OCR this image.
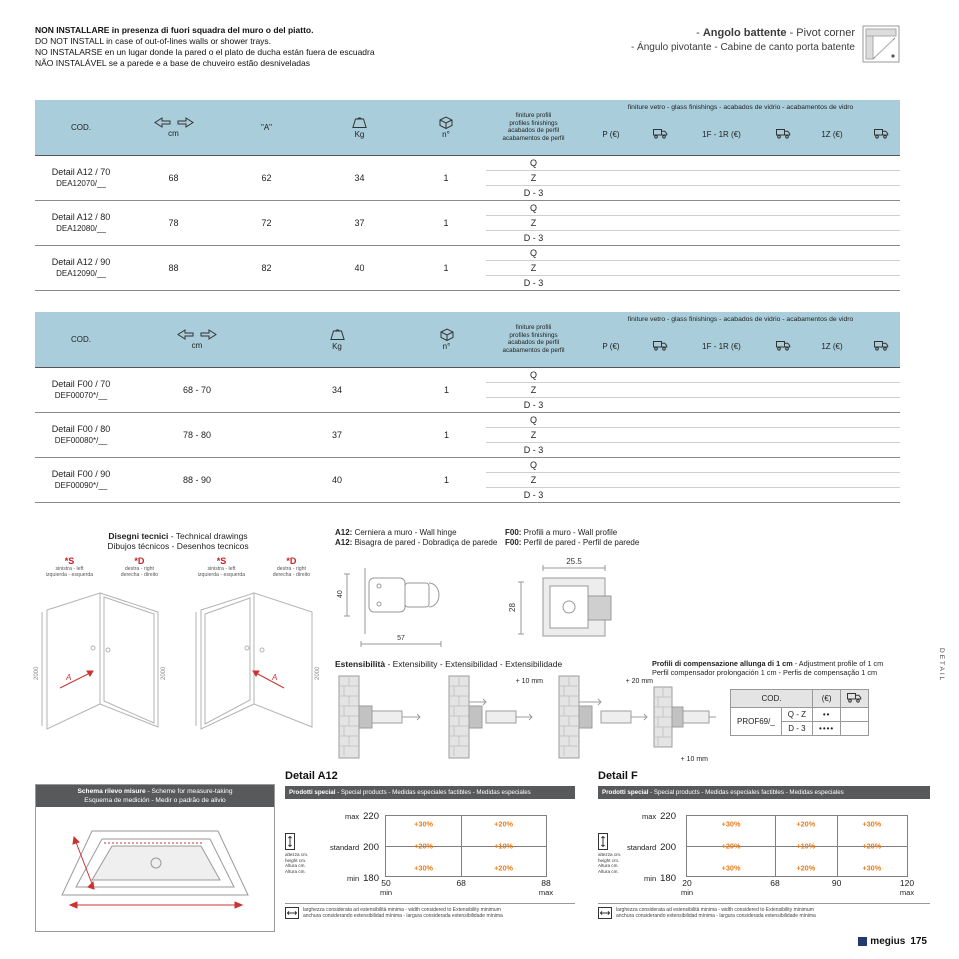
NON INSTALLARE in presenza di fuori squadra del muro o del piatto.
DO NOT INSTALL in case of out-of-lines walls or shower trays.
NO INSTALARSE en un lugar donde la pared o el plato de ducha están fuera de escuadra
NÃO INSTALÁVEL se a parede e a base de chuveiro estão desniveladas
- Angolo battente - Pivot corner
- Ángulo pivotante - Cabine de canto porta batente
COD.	cm	"A"	Kg	n°	finiture profili
profiles finishings
acabados de perfil
acabamentos de perfil	finiture vetro - glass finishings - acabados de vidrio - acabamentos de vidro					
						P (€)		1F - 1R (€)		1Z (€)	

Detail A12 / 70
DEA12070/__	68	62	34	1	Q						
					Z						
					D - 3						

Detail A12 / 80
DEA12080/__	78	72	37	1	Q						
					Z						
					D - 3						

Detail A12 / 90
DEA12090/__	88	82	40	1	Q						
					Z						
					D - 3						
COD.	cm	Kg	n°	finiture profili
profiles finishings
acabados de perfil
acabamentos de perfil	finiture vetro - glass finishings - acabados de vidrio - acabamentos de vidro					
					P (€)		1F - 1R (€)		1Z (€)	

Detail F00 / 70
DEF00070*/__	68 - 70	34	1	Q						
				Z						
				D - 3						

Detail F00 / 80
DEF00080*/__	78 - 80	37	1	Q						
				Z						
				D - 3						

Detail F00 / 90
DEF00090*/__	88 - 90	40	1	Q						
				Z						
				D - 3						
Disegni tecnici - Technical drawings
Dibujos técnicos - Desenhos tecnicos
*S
sinistra - left
izquierda - esquerda
*D
destra - right
derecha - direito
A	2000
2000
*S
sinistra - left
izquierda - esquerda
*D
destra - right
derecha - direito
A	2000
A12: Cerniera a muro - Wall hinge
A12: Bisagra de pared - Dobradiça de parede
40
57
F00: Profili a muro - Wall profile
F00: Perfil de pared - Perfil de parede
25.5
28
Estensibilità - Extensibility - Extensibilidad - Extensibilidade
+ 10 mm	+ 20 mm
Profili di compensazione allunga di 1 cm - Adjustment profile of 1 cm
Perfil compensador prolongación 1 cm - Perfis de compensação 1 cm
+ 10 mm
COD.		(€)	
PROF69/_	Q - Z	••	
	D - 3	••••	
DETAIL
Schema rilevo misure - Scheme for measure-taking
Esquema de medición - Medir o padrão de alivio
Detail A12
Prodotti special - Special products - Medidas especiales factibles - Medidas especiales
altezza cm.
height cm.
Altura cm.
Altura cm.
max 220
standard 200
min 180
+30%	+20%
+20%	+10%
+30%	+20%
50
min
68	88
max
larghezza considerata ad estensibilità minima - width considered to Extensibility minimum
anchura considerando extensibilidad mínima - largura considerada extensibilidade mínima
Detail F
Prodotti special - Special products - Medidas especiales factibles - Medidas especiales
altezza cm.
height cm.
Altura cm.
Altura cm.
max 220
standard 200
min 180
+30%	+20%	+30%
+20%	+10%	+20%
+30%	+20%	+30%
20
min
68	90	120
max
larghezza considerata ad estensibilità minima - width considered to Extensibility minimum
anchura considerando extensibilidad mínima - largura considerada extensibilidade mínima
megius 175
